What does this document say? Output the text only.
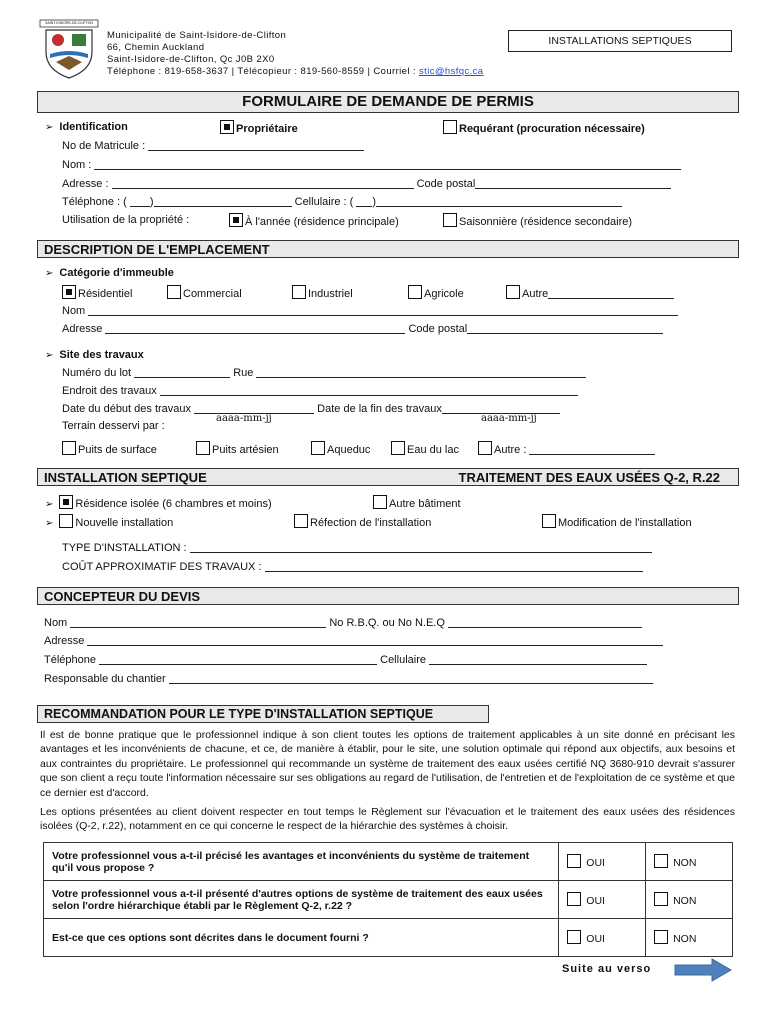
SAINT-ISIDORE-DE-CLIFTON
Municipalité de Saint-Isidore-de-Clifton
66, Chemin Auckland
Saint-Isidore-de-Clifton, Qc J0B 2X0
Téléphone : 819-658-3637 | Télécopieur : 819-560-8559 | Courriel : stic@hsfqc.ca
INSTALLATIONS SEPTIQUES
FORMULAIRE DE DEMANDE DE PERMIS
➢ Identification	Propriétaire	Requérant (procuration nécessaire)
No de Matricule :
Nom :
Adresse :	Code postal
Téléphone : ( )	Cellulaire : ( )
Utilisation de la propriété :	À l'année (résidence principale)	Saisonnière (résidence secondaire)
DESCRIPTION DE L'EMPLACEMENT
➢ Catégorie d'immeuble
Résidentiel	Commercial	Industriel	Agricole	Autre
Nom
Adresse	Code postal
➢ Site des travaux
Numéro du lot	Rue
Endroit des travaux
Date du début des travaux	Date de la fin des travaux
aaaa-mm-jj	aaaa-mm-jj
Terrain desservi par :
Puits de surface	Puits artésien	Aqueduc	Eau du lac	Autre :
INSTALLATION SEPTIQUE	TRAITEMENT DES EAUX USÉES Q-2, R.22
➢ Résidence isolée (6 chambres et moins)	Autre bâtiment
➢ Nouvelle installation	Réfection de l'installation	Modification de l'installation
TYPE D'INSTALLATION :
COÛT APPROXIMATIF DES TRAVAUX :
CONCEPTEUR DU DEVIS
Nom	No R.B.Q. ou No N.E.Q
Adresse
Téléphone	Cellulaire
Responsable du chantier
RECOMMANDATION POUR LE TYPE D'INSTALLATION SEPTIQUE
Il est de bonne pratique que le professionnel indique à son client toutes les options de traitement applicables à un site donné en précisant les avantages et les inconvénients de chacune, et ce, de manière à établir, pour le site, une solution optimale qui répond aux objectifs, aux besoins et aux contraintes du propriétaire. Le professionnel qui recommande un système de traitement des eaux usées certifié NQ 3680-910 devrait s'assurer que son client a reçu toute l'information nécessaire sur ses obligations au regard de l'utilisation, de l'entretien et de l'exploitation de ce système et que ce dernier est d'accord.
Les options présentées au client doivent respecter en tout temps le Règlement sur l'évacuation et le traitement des eaux usées des résidences isolées (Q-2, r.22), notamment en ce qui concerne le respect de la hiérarchie des systèmes à choisir.
Votre professionnel vous a-t-il précisé les avantages et inconvénients du système de traitement qu'il vous propose ?	OUI	NON
Votre professionnel vous a-t-il présenté d'autres options de système de traitement des eaux usées selon l'ordre hiérarchique établi par le Règlement Q-2, r.22 ?	OUI	NON
Est-ce que ces options sont décrites dans le document fourni ?	OUI	NON
Suite au verso
